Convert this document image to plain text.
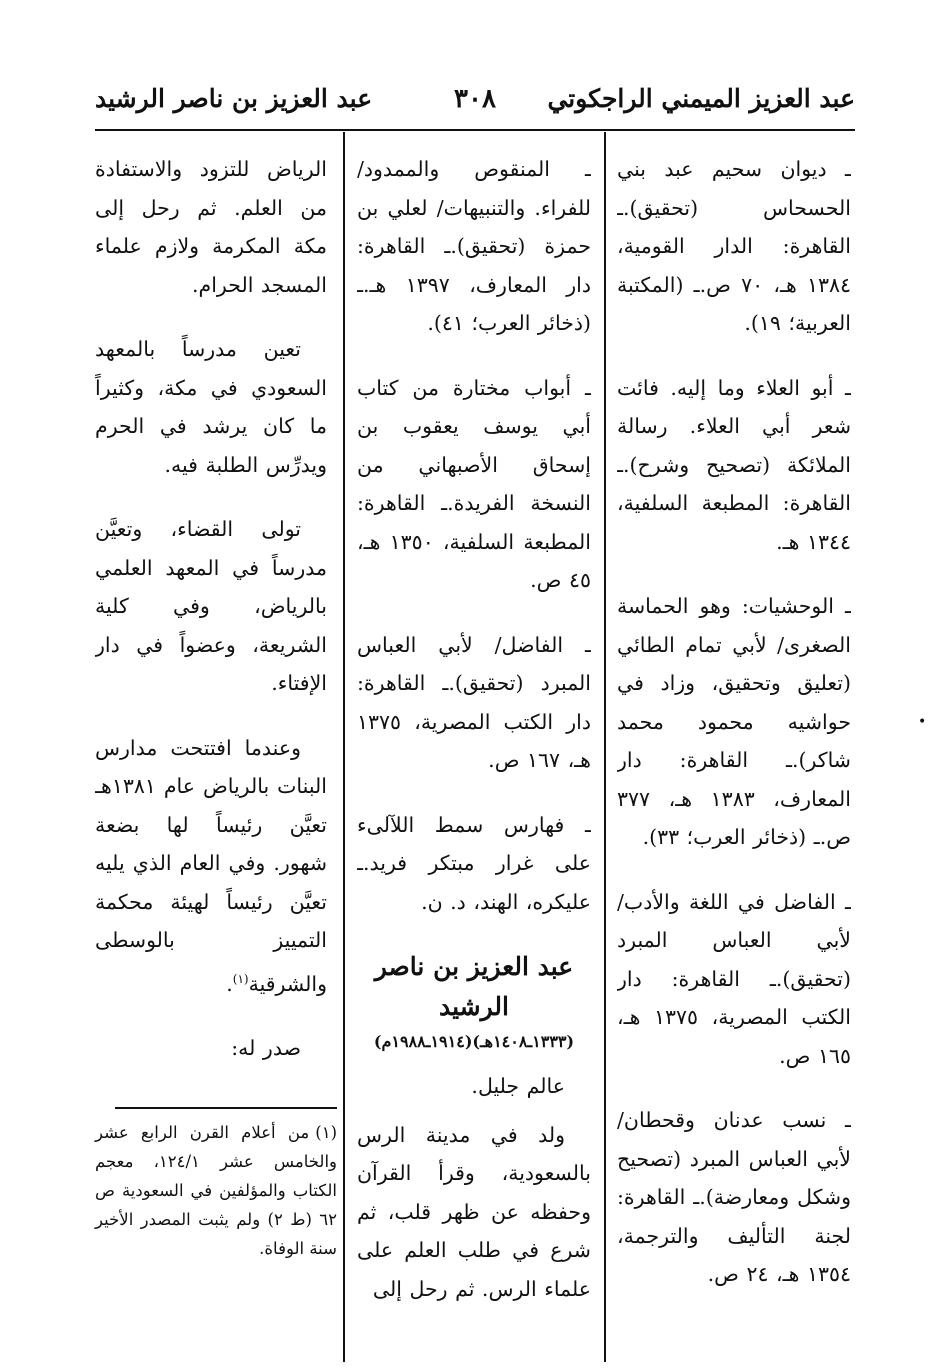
عبد العزيز الميمني الراجكوتي
٣٠٨
عبد العزيز بن ناصر الرشيد

ـ ديوان سحيم عبد بني الحسحاس (تحقيق).ـ القاهرة: الدار القومية، ١٣٨٤ هـ، ٧٠ ص.ـ (المكتبة العربية؛ ١٩).

ـ أبو العلاء وما إليه. فائت شعر أبي العلاء. رسالة الملائكة (تصحيح وشرح).ـ القاهرة: المطبعة السلفية، ١٣٤٤ هـ.

ـ الوحشيات: وهو الحماسة الصغرى/ لأبي تمام الطائي (تعليق وتحقيق، وزاد في حواشيه محمود محمد شاكر).ـ القاهرة: دار المعارف، ١٣٨٣ هـ، ٣٧٧ ص.ـ (ذخائر العرب؛ ٣٣).

ـ الفاضل في اللغة والأدب/ لأبي العباس المبرد (تحقيق).ـ القاهرة: دار الكتب المصرية، ١٣٧٥ هـ، ١٦٥ ص.

ـ نسب عدنان وقحطان/ لأبي العباس المبرد (تصحيح وشكل ومعارضة).ـ القاهرة: لجنة التأليف والترجمة، ١٣٥٤ هـ، ٢٤ ص.

ـ المنقوص والممدود/ للفراء. والتنبيهات/ لعلي بن حمزة (تحقيق).ـ القاهرة: دار المعارف، ١٣٩٧ هـ.ـ (ذخائر العرب؛ ٤١).

ـ أبواب مختارة من كتاب أبي يوسف يعقوب بن إسحاق الأصبهاني من النسخة الفريدة.ـ القاهرة: المطبعة السلفية، ١٣٥٠ هـ، ٤٥ ص.

ـ الفاضل/ لأبي العباس المبرد (تحقيق).ـ القاهرة: دار الكتب المصرية، ١٣٧٥ هـ، ١٦٧ ص.

ـ فهارس سمط اللآلىء على غرار مبتكر فريد.ـ عليكره، الهند، د. ن.

عبد العزيز بن ناصر الرشيد

(١٣٣٣ـ١٤٠٨هـ)(١٩١٤ـ١٩٨٨م)

عالم جليل.

ولد في مدينة الرس بالسعودية، وقرأ القرآن وحفظه عن ظهر قلب، ثم شرع في طلب العلم على علماء الرس. ثم رحل إلى

الرياض للتزود والاستفادة من العلم. ثم رحل إلى مكة المكرمة ولازم علماء المسجد الحرام.

تعين مدرساً بالمعهد السعودي في مكة، وكثيراً ما كان يرشد في الحرم ويدرِّس الطلبة فيه.

تولى القضاء، وتعيَّن مدرساً في المعهد العلمي بالرياض، وفي كلية الشريعة، وعضواً في دار الإفتاء.

وعندما افتتحت مدارس البنات بالرياض عام ١٣٨١هـ تعيَّن رئيساً لها بضعة شهور. وفي العام الذي يليه تعيَّن رئيساً لهيئة محكمة التمييز بالوسطى والشرقية$^{(١)}$.

صدر له:

(١)من أعلام القرن الرابع عشر والخامس عشر ١٢٤/١، معجم الكتاب والمؤلفين في السعودية ص ٦٢ (ط ٢) ولم يثبت المصدر الأخير سنة الوفاة.
•
